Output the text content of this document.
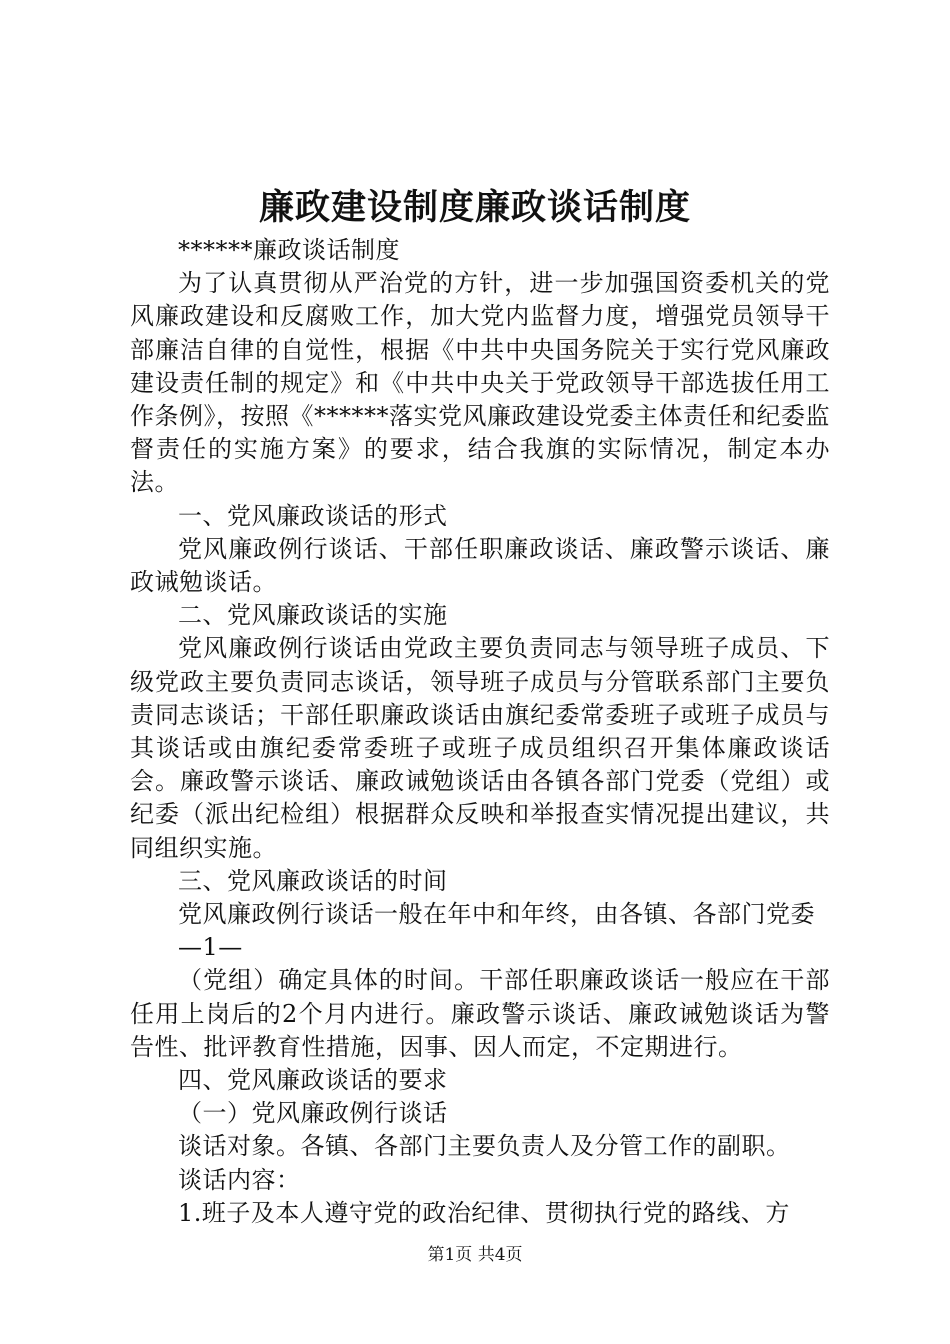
廉政建设制度廉政谈话制度

******廉政谈话制度

为了认真贯彻从严治党的方针，进一步加强国资委机关的党风廉政建设和反腐败工作，加大党内监督力度，增强党员领导干部廉洁自律的自觉性，根据《中共中央国务院关于实行党风廉政建设责任制的规定》和《中共中央关于党政领导干部选拔任用工作条例》，按照《******落实党风廉政建设党委主体责任和纪委监督责任的实施方案》的要求，结合我旗的实际情况，制定本办法。

一、党风廉政谈话的形式

党风廉政例行谈话、干部任职廉政谈话、廉政警示谈话、廉政诫勉谈话。

二、党风廉政谈话的实施

党风廉政例行谈话由党政主要负责同志与领导班子成员、下级党政主要负责同志谈话，领导班子成员与分管联系部门主要负责同志谈话；干部任职廉政谈话由旗纪委常委班子或班子成员与其谈话或由旗纪委常委班子或班子成员组织召开集体廉政谈话会。廉政警示谈话、廉政诫勉谈话由各镇各部门党委（党组）或纪委（派出纪检组）根据群众反映和举报查实情况提出建议，共同组织实施。

三、党风廉政谈话的时间

党风廉政例行谈话一般在年中和年终，由各镇、各部门党委

—1—

（党组）确定具体的时间。干部任职廉政谈话一般应在干部任用上岗后的2个月内进行。廉政警示谈话、廉政诫勉谈话为警告性、批评教育性措施，因事、因人而定，不定期进行。

四、党风廉政谈话的要求

（一）党风廉政例行谈话

谈话对象。各镇、各部门主要负责人及分管工作的副职。

谈话内容：

1.班子及本人遵守党的政治纪律、贯彻执行党的路线、方

第1页 共4页
